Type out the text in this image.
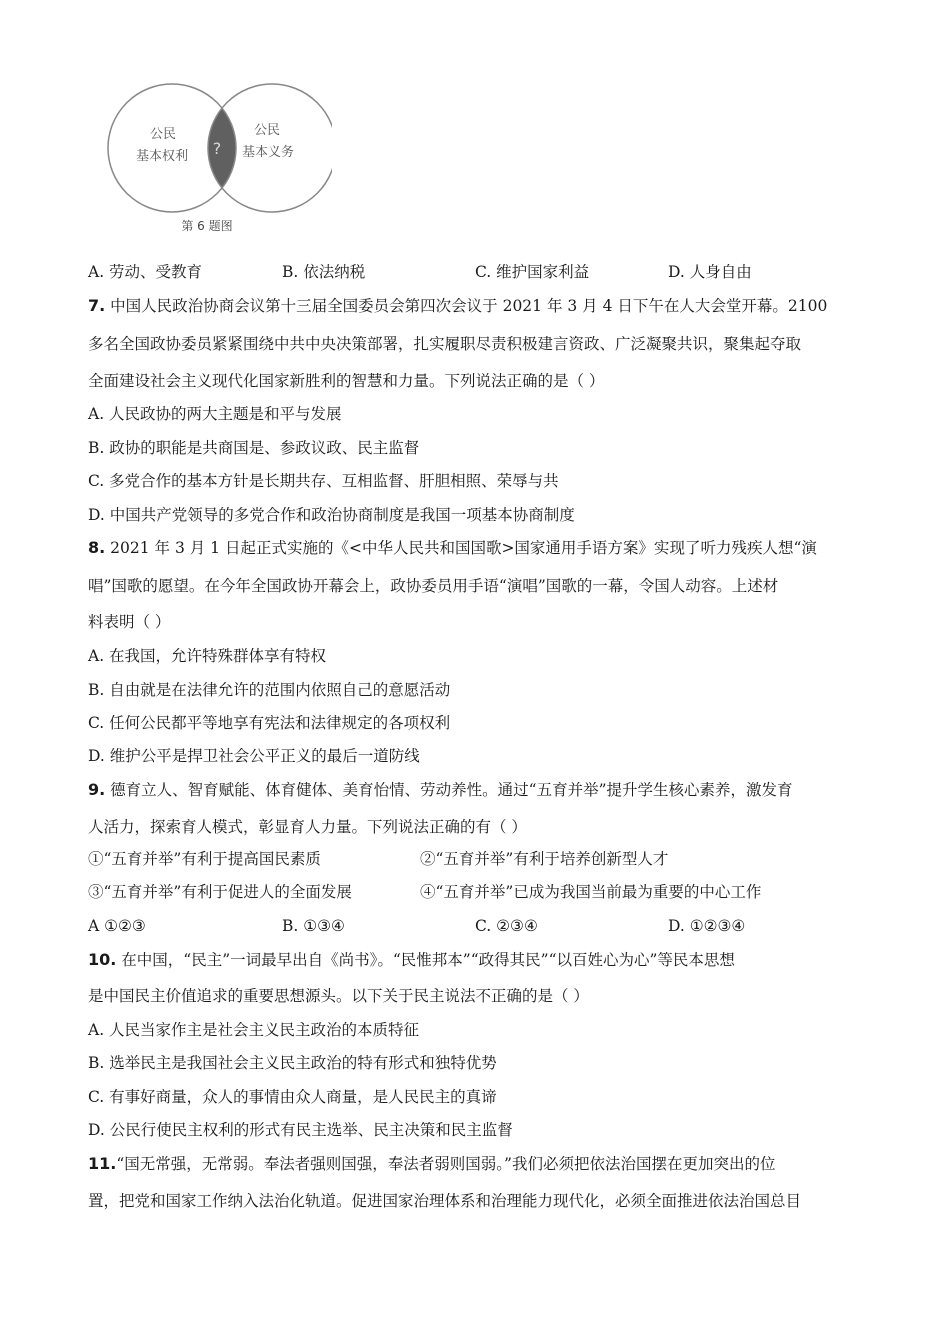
公民
基本权利
公民
基本义务
?
第 6 题图
A. 劳动、受教育	B. 依法纳税	C. 维护国家利益	D. 人身自由
7. 中国人民政治协商会议第十三届全国委员会第四次会议于 2021 年 3 月 4 日下午在人大会堂开幕。2100
多名全国政协委员紧紧围绕中共中央决策部署，扎实履职尽责积极建言资政、广泛凝聚共识，聚集起夺取
全面建设社会主义现代化国家新胜利的智慧和力量。下列说法正确的是（ ）
A. 人民政协的两大主题是和平与发展
B. 政协的职能是共商国是、参政议政、民主监督
C. 多党合作的基本方针是长期共存、互相监督、肝胆相照、荣辱与共
D. 中国共产党领导的多党合作和政治协商制度是我国一项基本协商制度
8. 2021 年 3 月 1 日起正式实施的《<中华人民共和国国歌>国家通用手语方案》实现了听力残疾人想“演
唱”国歌的愿望。在今年全国政协开幕会上，政协委员用手语“演唱”国歌的一幕，令国人动容。上述材
料表明（ ）
A. 在我国，允许特殊群体享有特权
B. 自由就是在法律允许的范围内依照自己的意愿活动
C. 任何公民都平等地享有宪法和法律规定的各项权利
D. 维护公平是捍卫社会公平正义的最后一道防线
9. 德育立人、智育赋能、体育健体、美育怡情、劳动养性。通过“五育并举”提升学生核心素养，激发育
人活力，探索育人模式，彰显育人力量。下列说法正确的有（ ）
①“五育并举”有利于提高国民素质	②“五育并举”有利于培养创新型人才
③“五育并举”有利于促进人的全面发展	④“五育并举”已成为我国当前最为重要的中心工作
A ①②③	B. ①③④	C. ②③④	D. ①②③④
10. 在中国，“民主”一词最早出自《尚书》。“民惟邦本”“政得其民”“以百姓心为心”等民本思想
是中国民主价值追求的重要思想源头。以下关于民主说法不正确的是（ ）
A. 人民当家作主是社会主义民主政治的本质特征
B. 选举民主是我国社会主义民主政治的特有形式和独特优势
C. 有事好商量，众人的事情由众人商量，是人民民主的真谛
D. 公民行使民主权利的形式有民主选举、民主决策和民主监督
11.“国无常强，无常弱。奉法者强则国强，奉法者弱则国弱。”我们必须把依法治国摆在更加突出的位
置，把党和国家工作纳入法治化轨道。促进国家治理体系和治理能力现代化，必须全面推进依法治国总目
